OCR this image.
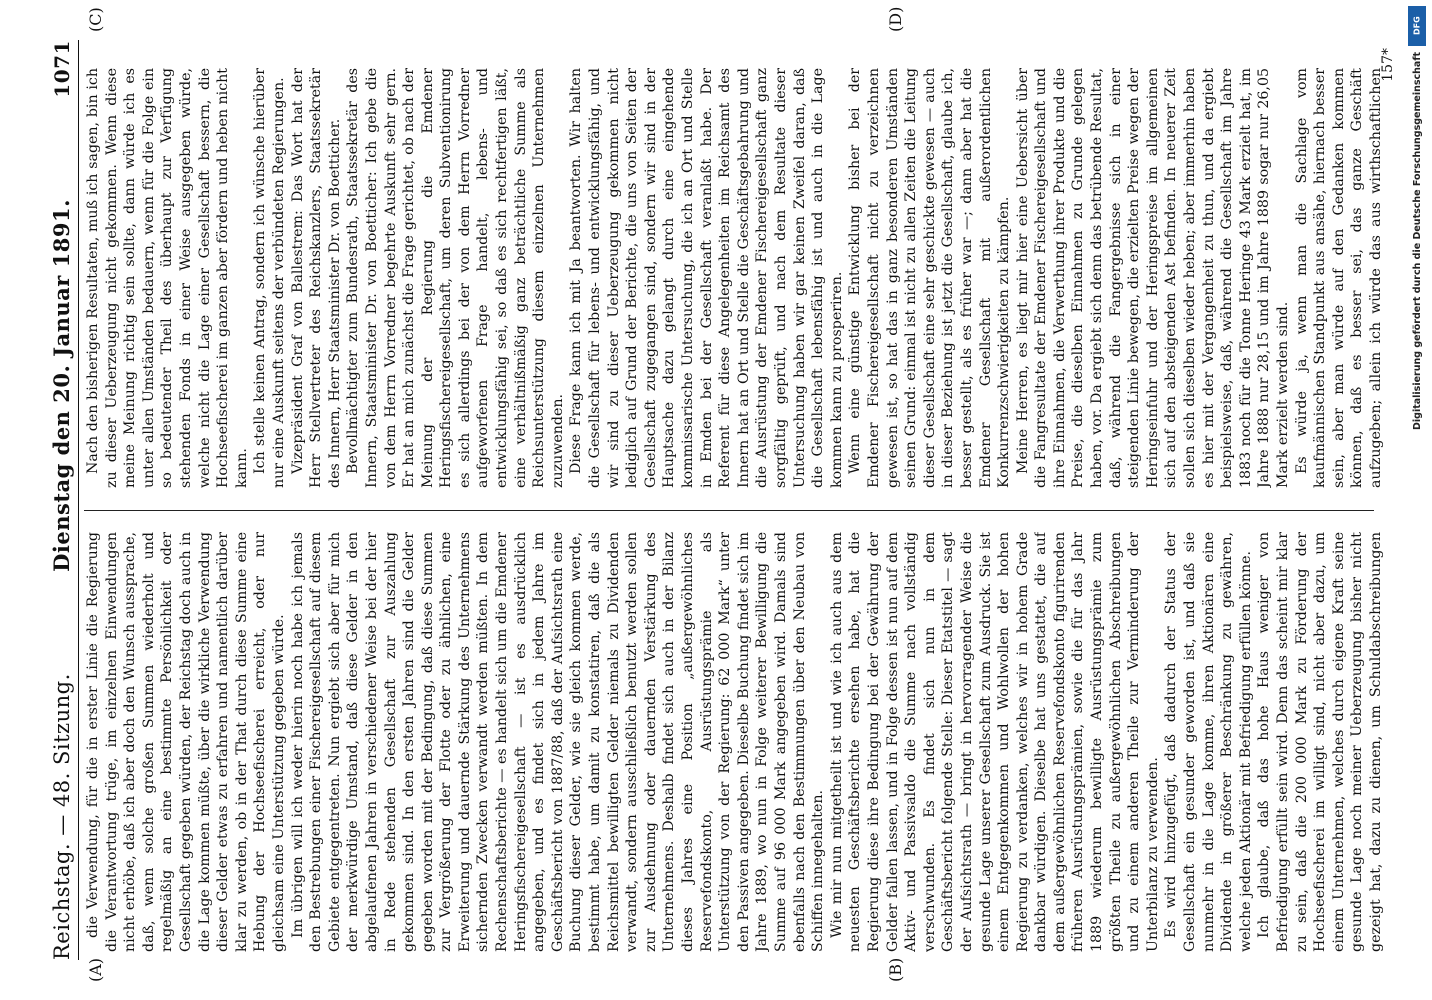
Reichstag. — 48. Sitzung.
Dienstag den 20. Januar 1891.
1071
(A)	(B)
(C)	(D)

die Verwendung, für die in erster Linie die Regierung die Verantwortung trüge, im einzelnen Einwendungen nicht erhöbe, daß ich aber doch den Wunsch aussprache, daß, wenn solche großen Summen wiederholt und regelmäßig an eine bestimmte Persönlichkeit oder Gesellschaft gegeben würden, der Reichstag doch auch in die Lage kommen müßte, über die wirkliche Verwendung dieser Gelder etwas zu erfahren und namentlich darüber klar zu werden, ob in der That durch diese Summe eine Hebung der Hochseefischerei erreicht, oder nur gleichsam eine Unterstützung gegeben würde. Im übrigen will ich weder hierin noch habe ich jemals den Bestrebungen einer Fischereigesellschaft auf diesem Gebiete entgegentreten. Nun ergiebt sich aber für mich der merkwürdige Umstand, daß diese Gelder in den abgelaufenen Jahren in verschiedener Weise bei der hier in Rede stehenden Gesellschaft zur Auszahlung gekommen sind. In den ersten Jahren sind die Gelder gegeben worden mit der Bedingung, daß diese Summen zur Vergrößerung der Flotte oder zu ähnlichen, eine Erweiterung und dauernde Stärkung des Unternehmens sichernden Zwecken verwandt werden müßten. In dem Rechenschaftsberichte — es handelt sich um die Emdener Heringsfischereigesellschaft — ist es ausdrücklich angegeben, und es findet sich in jedem Jahre im Geschäftsbericht von 1887/88, daß der Aufsichtsrath eine Buchung dieser Gelder, wie sie gleich kommen werde, bestimmt habe, um damit zu konstatiren, daß die als Reichsmittel bewilligten Gelder niemals zu Dividenden verwandt, sondern ausschließlich benutzt werden sollen zur Ausdehnung oder dauernden Verstärkung des Unternehmens. Deshalb findet sich auch in der Bilanz dieses Jahres eine Position „außergewöhnliches Reservefondskonto, Ausrüstungsprämie als Unterstützung von der Regierung: 62 000 Mark“ unter den Passiven angegeben. Dieselbe Buchung findet sich im Jahre 1889, wo nun in Folge weiterer Bewilligung die Summe auf 96 000 Mark angegeben wird. Damals sind ebenfalls nach den Bestimmungen über den Neubau von Schiffen innegehalten. Wie mir nun mitgetheilt ist und wie ich auch aus dem neuesten Geschäftsberichte ersehen habe, hat die Regierung diese ihre Bedingung bei der Gewährung der Gelder fallen lassen, und in Folge dessen ist nun auf dem Aktiv- und Passivsaldo die Summe nach vollständig verschwunden. Es findet sich nun in dem Geschäftsbericht folgende Stelle: Dieser Etatstitel — sagt der Aufsichtsrath — bringt in hervorragender Weise die gesunde Lage unserer Gesellschaft zum Ausdruck. Sie ist einem Entgegenkommen und Wohlwollen der hohen Regierung zu verdanken, welches wir in hohem Grade dankbar würdigen. Dieselbe hat uns gestattet, die auf dem außergewöhnlichen Reservefondskonto figurirenden früheren Ausrüstungsprämien, sowie die für das Jahr 1889 wiederum bewilligte Ausrüstungsprämie zum größten Theile zu außergewöhnlichen Abschreibungen und zu einem anderen Theile zur Verminderung der Unterbilanz zu verwenden. Es wird hinzugefügt, daß dadurch der Status der Gesellschaft ein gesunder geworden ist, und daß sie nunmehr in die Lage komme, ihren Aktionären eine Dividende in größerer Beschränkung zu gewähren, welche jeden Aktionär mit Befriedigung erfüllen könne. Ich glaube, daß das hohe Haus weniger von Befriedigung erfüllt sein wird. Denn das scheint mir klar zu sein, daß die 200 000 Mark zu Förderung der Hochseefischerei im willigt sind, nicht aber dazu, um einem Unternehmen, welches durch eigene Kraft seine gesunde Lage noch meiner Ueberzeugung bisher nicht gezeigt hat, dazu zu dienen, um Schuldabschreibungen

Nach den bisherigen Resultaten, muß ich sagen, bin ich zu dieser Ueberzeugung nicht gekommen. Wenn diese meine Meinung richtig sein sollte, dann würde ich es unter allen Umständen bedauern, wenn für die Folge ein so bedeutender Theil des überhaupt zur Verfügung stehenden Fonds in einer Weise ausgegeben würde, welche nicht die Lage einer Gesellschaft bessern, die Hochseefischerei im ganzen aber fördern und heben nicht kann. Ich stelle keinen Antrag, sondern ich wünsche hierüber nur eine Auskunft seitens der verbündeten Regierungen. Vizepräsident Graf von Ballestrem: Das Wort hat der Herr Stellvertreter des Reichskanzlers, Staatssekretär des Innern, Herr Staatsminister Dr. von Boetticher. Bevollmächtigter zum Bundesrath, Staatssekretär des Innern, Staatsminister Dr. von Boetticher: Ich gebe die von dem Herrn Vorredner begehrte Auskunft sehr gern. Er hat an mich zunächst die Frage gerichtet, ob nach der Meinung der Regierung die Emdener Heringsfischereigesellschaft, um deren Subventionirung es sich allerdings bei der von dem Herrn Vorredner aufgeworfenen Frage handelt, lebens- und entwicklungsfähig sei, so daß es sich rechtfertigen läßt, eine verhältnißmäßig ganz beträchtliche Summe als Reichsunterstützung diesem einzelnen Unternehmen zuzuwenden. Diese Frage kann ich mit Ja beantworten. Wir halten die Gesellschaft für lebens- und entwicklungsfähig, und wir sind zu dieser Ueberzeugung gekommen nicht lediglich auf Grund der Berichte, die uns von Seiten der Gesellschaft zugegangen sind, sondern wir sind in der Hauptsache dazu gelangt durch eine eingehende kommissarische Untersuchung, die ich an Ort und Stelle in Emden bei der Gesellschaft veranlaßt habe. Der Referent für diese Angelegenheiten im Reichsamt des Innern hat an Ort und Stelle die Geschäftsgebahrung und die Ausrüstung der Emdener Fischereigesellschaft ganz sorgfältig geprüft, und nach dem Resultate dieser Untersuchung haben wir gar keinen Zweifel daran, daß die Gesellschaft lebensfähig ist und auch in die Lage kommen kann zu prosperiren. Wenn eine günstige Entwicklung bisher bei der Emdener Fischereigesellschaft nicht zu verzeichnen gewesen ist, so hat das in ganz besonderen Umständen seinen Grund: einmal ist nicht zu allen Zeiten die Leitung dieser Gesellschaft eine sehr geschickte gewesen — auch in dieser Beziehung ist jetzt die Gesellschaft, glaube ich, besser gestellt, als es früher war —; dann aber hat die Emdener Gesellschaft mit außerordentlichen Konkurrenzschwierigkeiten zu kämpfen. Meine Herren, es liegt mir hier eine Uebersicht über die Fangresultate der Emdener Fischereigesellschaft und ihre Einnahmen, die Verwerthung ihrer Produkte und die Preise, die dieselben Einnahmen zu Grunde gelegen haben, vor. Da ergiebt sich denn das betrübende Resultat, daß, während die Fangergebnisse sich in einer steigenden Linie bewegen, die erzielten Preise wegen der Heringseinfuhr und der Heringspreise im allgemeinen sich auf den absteigenden Ast befinden. In neuerer Zeit sollen sich dieselben wieder heben; aber immerhin haben es hier mit der Vergangenheit zu thun, und da ergiebt beispielsweise, daß, während die Gesellschaft im Jahre 1883 noch für die Tonne Heringe 43 Mark erzielt hat, im Jahre 1888 nur 28,15 und im Jahre 1889 sogar nur 26,05 Mark erzielt werden sind. Es würde ja, wenn man die Sachlage vom kaufmännischen Standpunkt aus ansähe, hiernach besser sein, aber man würde auf den Gedanken kommen können, daß es besser sei, das ganze Geschäft aufzugeben; allein ich würde das aus wirthschaftlichen

157*
DFG
Digitalisierung gefördert durch die Deutsche Forschungsgemeinschaft
